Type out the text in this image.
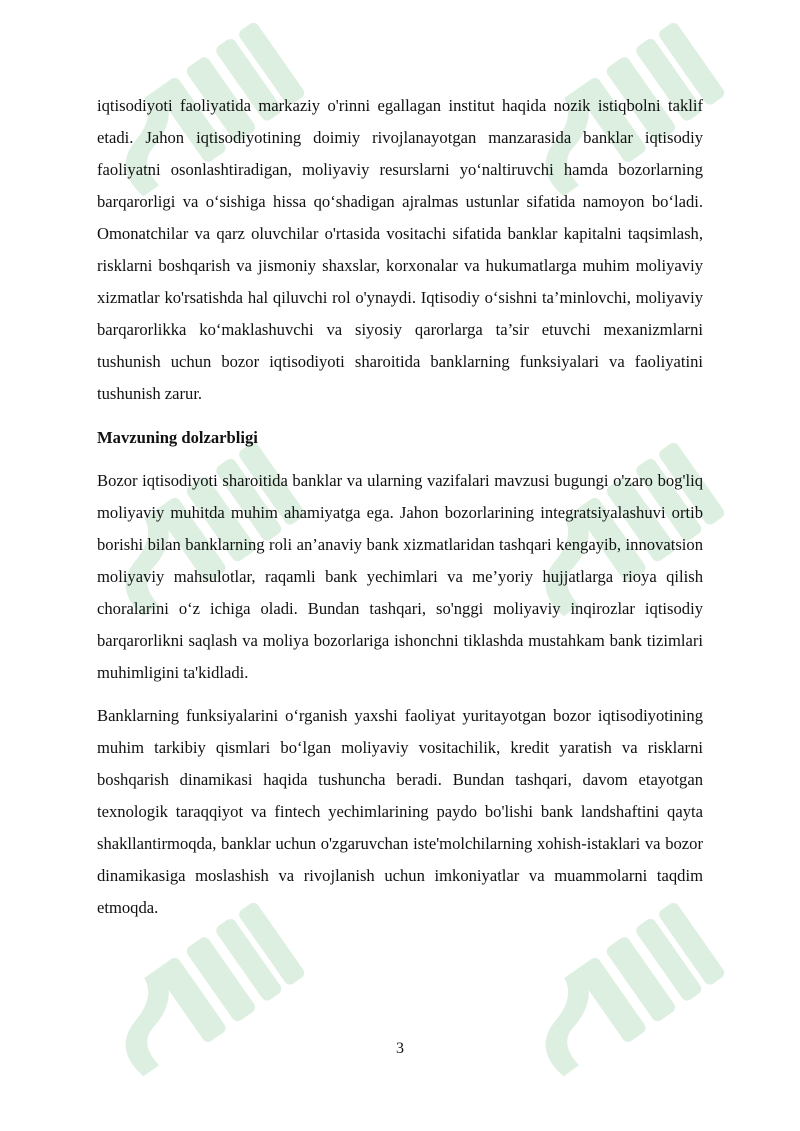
iqtisodiyoti faoliyatida markaziy o'rinni egallagan institut haqida nozik istiqbolni taklif etadi. Jahon iqtisodiyotining doimiy rivojlanayotgan manzarasida banklar iqtisodiy faoliyatni osonlashtiradigan, moliyaviy resurslarni yo‘naltiruvchi hamda bozorlarning barqarorligi va o‘sishiga hissa qo‘shadigan ajralmas ustunlar sifatida namoyon bo‘ladi. Omonatchilar va qarz oluvchilar o'rtasida vositachi sifatida banklar kapitalni taqsimlash, risklarni boshqarish va jismoniy shaxslar, korxonalar va hukumatlarga muhim moliyaviy xizmatlar ko'rsatishda hal qiluvchi rol o'ynaydi. Iqtisodiy o‘sishni ta’minlovchi, moliyaviy barqarorlikka ko‘maklashuvchi va siyosiy qarorlarga ta’sir etuvchi mexanizmlarni tushunish uchun bozor iqtisodiyoti sharoitida banklarning funksiyalari va faoliyatini tushunish zarur.

Mavzuning dolzarbligi

Bozor iqtisodiyoti sharoitida banklar va ularning vazifalari mavzusi bugungi o'zaro bog'liq moliyaviy muhitda muhim ahamiyatga ega. Jahon bozorlarining integratsiyalashuvi ortib borishi bilan banklarning roli an’anaviy bank xizmatlaridan tashqari kengayib, innovatsion moliyaviy mahsulotlar, raqamli bank yechimlari va me’yoriy hujjatlarga rioya qilish choralarini o‘z ichiga oladi. Bundan tashqari, so'nggi moliyaviy inqirozlar iqtisodiy barqarorlikni saqlash va moliya bozorlariga ishonchni tiklashda mustahkam bank tizimlari muhimligini ta'kidladi.

Banklarning funksiyalarini o‘rganish yaxshi faoliyat yuritayotgan bozor iqtisodiyotining muhim tarkibiy qismlari bo‘lgan moliyaviy vositachilik, kredit yaratish va risklarni boshqarish dinamikasi haqida tushuncha beradi. Bundan tashqari, davom etayotgan texnologik taraqqiyot va fintech yechimlarining paydo bo'lishi bank landshaftini qayta shakllantirmoqda, banklar uchun o'zgaruvchan iste'molchilarning xohish-istaklari va bozor dinamikasiga moslashish va rivojlanish uchun imkoniyatlar va muammolarni taqdim etmoqda.

3
